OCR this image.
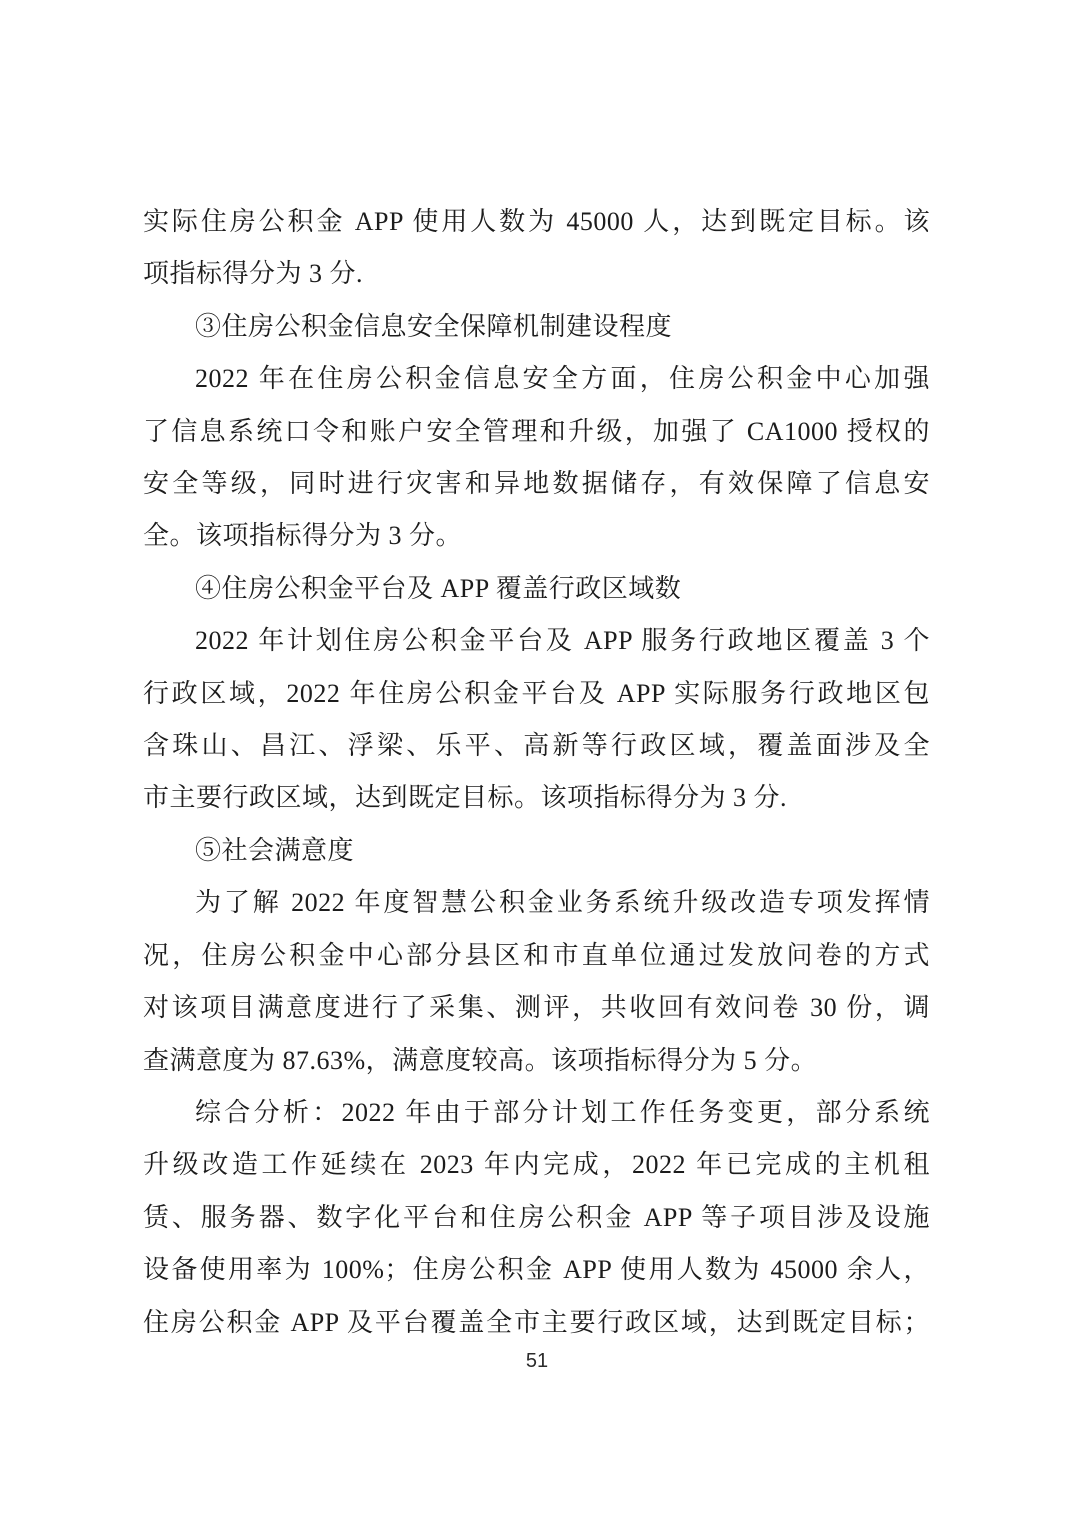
实际住房公积金 APP 使用人数为 45000 人，达到既定目标。该
项指标得分为 3 分.
③住房公积金信息安全保障机制建设程度
2022 年在住房公积金信息安全方面，住房公积金中心加强
了信息系统口令和账户安全管理和升级，加强了 CA1000 授权的
安全等级，同时进行灾害和异地数据储存，有效保障了信息安
全。该项指标得分为 3 分。
④住房公积金平台及 APP 覆盖行政区域数
2022 年计划住房公积金平台及 APP 服务行政地区覆盖 3 个
行政区域，2022 年住房公积金平台及 APP 实际服务行政地区包
含珠山、昌江、浮梁、乐平、高新等行政区域，覆盖面涉及全
市主要行政区域，达到既定目标。该项指标得分为 3 分.
⑤社会满意度
为了解 2022 年度智慧公积金业务系统升级改造专项发挥情
况，住房公积金中心部分县区和市直单位通过发放问卷的方式
对该项目满意度进行了采集、测评，共收回有效问卷 30 份，调
查满意度为 87.63%，满意度较高。该项指标得分为 5 分。
综合分析：2022 年由于部分计划工作任务变更，部分系统
升级改造工作延续在 2023 年内完成，2022 年已完成的主机租
赁、服务器、数字化平台和住房公积金 APP 等子项目涉及设施
设备使用率为 100%；住房公积金 APP 使用人数为 45000 余人，
住房公积金 APP 及平台覆盖全市主要行政区域，达到既定目标；
51
